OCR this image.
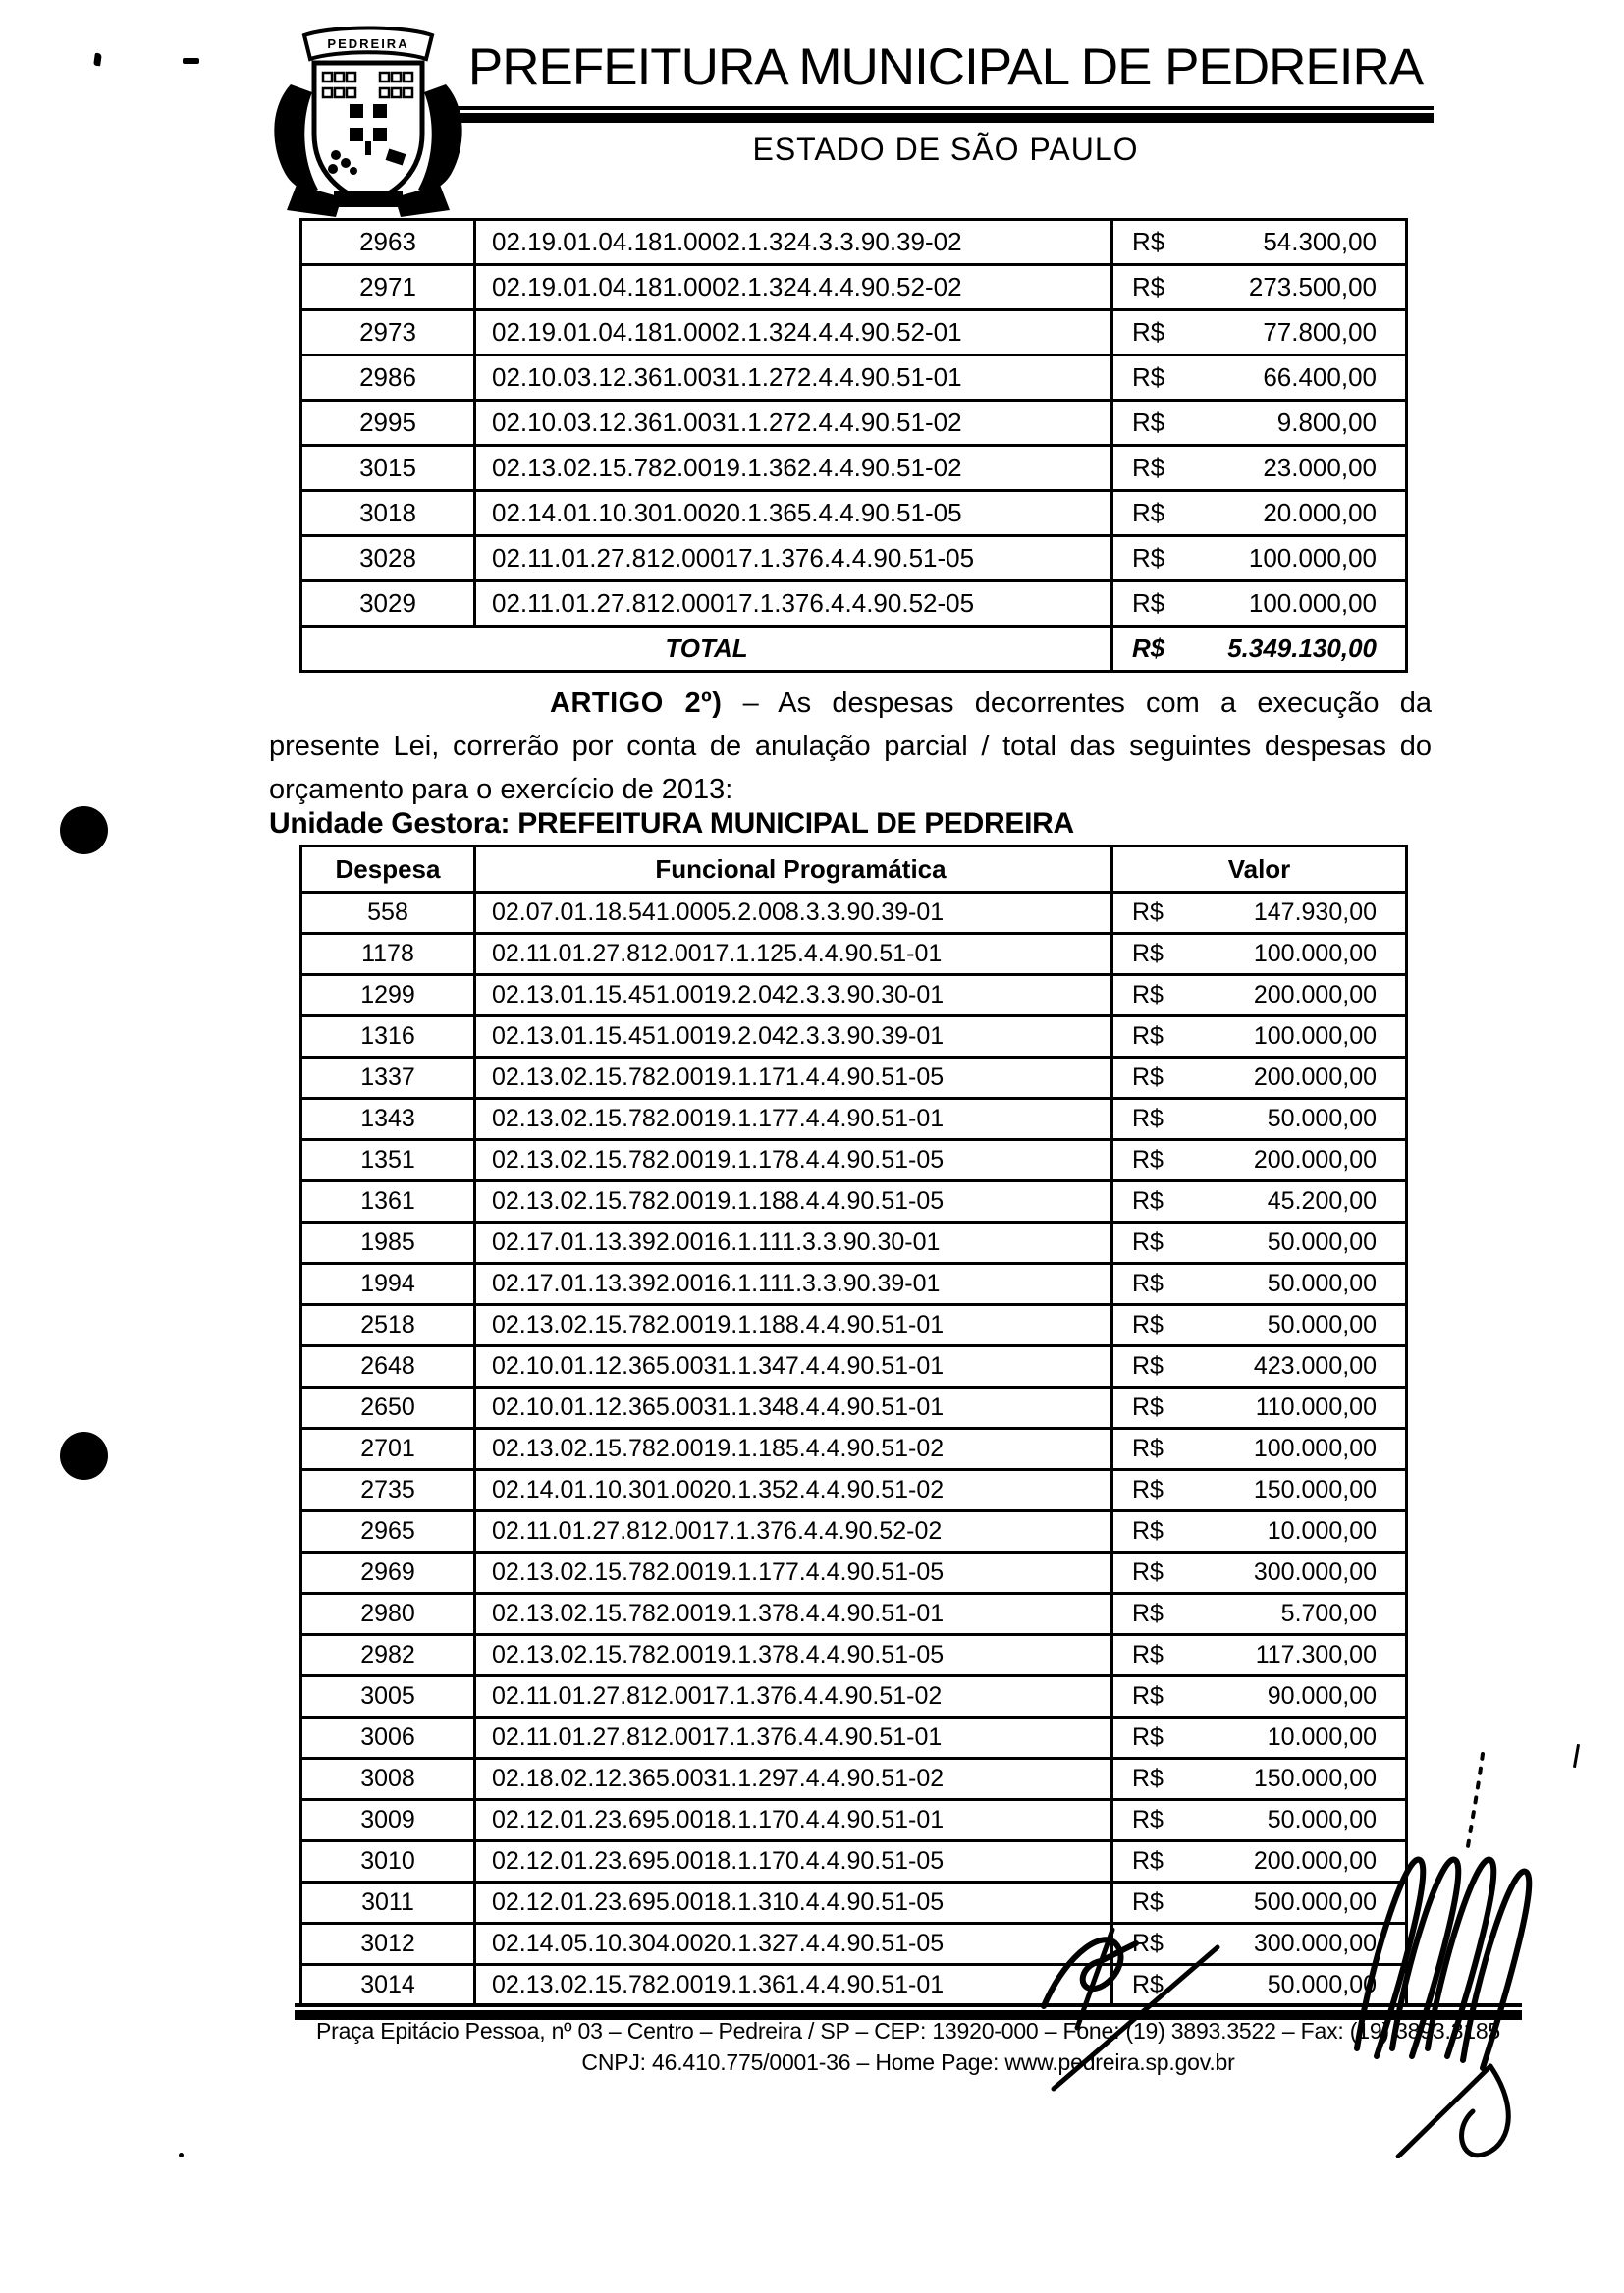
PEDREIRA PREFEITURA MUNICIPAL DE PEDREIRA
ESTADO DE SÃO PAULO
2963	02.19.01.04.181.0002.1.324.3.3.90.39-02	R$ 54.300,00

2971	02.19.01.04.181.0002.1.324.4.4.90.52-02	R$ 273.500,00

2973	02.19.01.04.181.0002.1.324.4.4.90.52-01	R$ 77.800,00

2986	02.10.03.12.361.0031.1.272.4.4.90.51-01	R$ 66.400,00

2995	02.10.03.12.361.0031.1.272.4.4.90.51-02	R$ 9.800,00

3015	02.13.02.15.782.0019.1.362.4.4.90.51-02	R$ 23.000,00

3018	02.14.01.10.301.0020.1.365.4.4.90.51-05	R$ 20.000,00

3028	02.11.01.27.812.00017.1.376.4.4.90.51-05	R$ 100.000,00

3029	02.11.01.27.812.00017.1.376.4.4.90.52-05	R$ 100.000,00

TOTAL		R$ 5.349.130,00

ARTIGO 2º) – As despesas decorrentes com a execução da presente Lei, correrão por conta de anulação parcial / total das seguintes despesas do orçamento para o exercício de 2013:

Unidade Gestora: PREFEITURA MUNICIPAL DE PEDREIRA
Despesa	Funcional Programática	Valor
558	02.07.01.18.541.0005.2.008.3.3.90.39-01	R$ 147.930,00

1178	02.11.01.27.812.0017.1.125.4.4.90.51-01	R$ 100.000,00

1299	02.13.01.15.451.0019.2.042.3.3.90.30-01	R$ 200.000,00

1316	02.13.01.15.451.0019.2.042.3.3.90.39-01	R$ 100.000,00

1337	02.13.02.15.782.0019.1.171.4.4.90.51-05	R$ 200.000,00

1343	02.13.02.15.782.0019.1.177.4.4.90.51-01	R$ 50.000,00

1351	02.13.02.15.782.0019.1.178.4.4.90.51-05	R$ 200.000,00

1361	02.13.02.15.782.0019.1.188.4.4.90.51-05	R$ 45.200,00

1985	02.17.01.13.392.0016.1.111.3.3.90.30-01	R$ 50.000,00

1994	02.17.01.13.392.0016.1.111.3.3.90.39-01	R$ 50.000,00

2518	02.13.02.15.782.0019.1.188.4.4.90.51-01	R$ 50.000,00

2648	02.10.01.12.365.0031.1.347.4.4.90.51-01	R$ 423.000,00

2650	02.10.01.12.365.0031.1.348.4.4.90.51-01	R$ 110.000,00

2701	02.13.02.15.782.0019.1.185.4.4.90.51-02	R$ 100.000,00

2735	02.14.01.10.301.0020.1.352.4.4.90.51-02	R$ 150.000,00

2965	02.11.01.27.812.0017.1.376.4.4.90.52-02	R$ 10.000,00

2969	02.13.02.15.782.0019.1.177.4.4.90.51-05	R$ 300.000,00

2980	02.13.02.15.782.0019.1.378.4.4.90.51-01	R$ 5.700,00

2982	02.13.02.15.782.0019.1.378.4.4.90.51-05	R$ 117.300,00

3005	02.11.01.27.812.0017.1.376.4.4.90.51-02	R$ 90.000,00

3006	02.11.01.27.812.0017.1.376.4.4.90.51-01	R$ 10.000,00

3008	02.18.02.12.365.0031.1.297.4.4.90.51-02	R$ 150.000,00

3009	02.12.01.23.695.0018.1.170.4.4.90.51-01	R$ 50.000,00

3010	02.12.01.23.695.0018.1.170.4.4.90.51-05	R$ 200.000,00

3011	02.12.01.23.695.0018.1.310.4.4.90.51-05	R$ 500.000,00

3012	02.14.05.10.304.0020.1.327.4.4.90.51-05	R$ 300.000,00

3014	02.13.02.15.782.0019.1.361.4.4.90.51-01	R$ 50.000,00
Praça Epitácio Pessoa, nº 03 – Centro – Pedreira / SP – CEP: 13920-000 – Fone: (19) 3893.3522 – Fax: (19) 3893.3185
CNPJ: 46.410.775/0001-36 – Home Page: www.pedreira.sp.gov.br
